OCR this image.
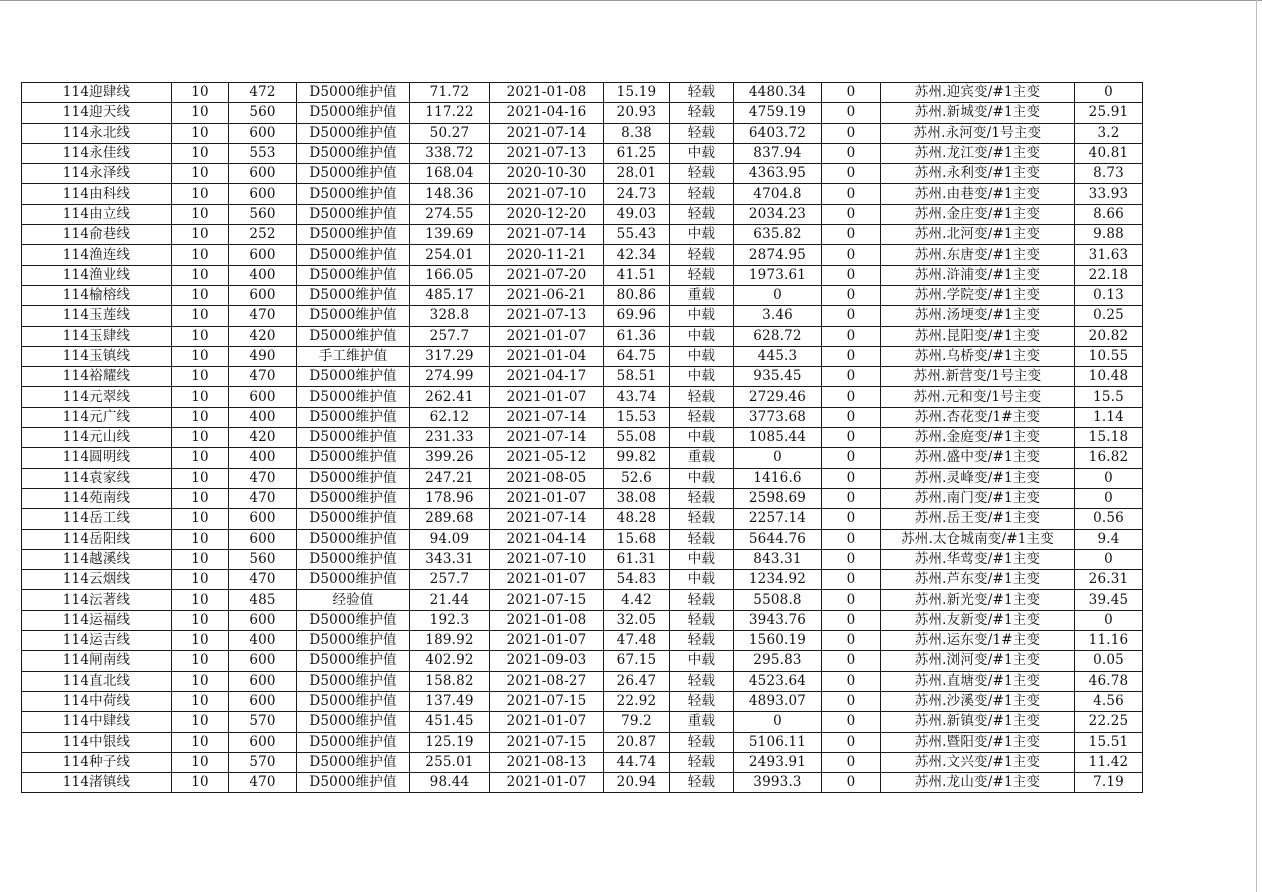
114迎肆线	10	472	D5000维护值	71.72	2021-01-08	15.19	轻载	4480.34	0	苏州.迎宾变/#1主变	0
114迎天线	10	560	D5000维护值	117.22	2021-04-16	20.93	轻载	4759.19	0	苏州.新城变/#1主变	25.91
114永北线	10	600	D5000维护值	50.27	2021-07-14	8.38	轻载	6403.72	0	苏州.永河变/1号主变	3.2
114永佳线	10	553	D5000维护值	338.72	2021-07-13	61.25	中载	837.94	0	苏州.龙江变/#1主变	40.81
114永泽线	10	600	D5000维护值	168.04	2020-10-30	28.01	轻载	4363.95	0	苏州.永利变/#1主变	8.73
114由科线	10	600	D5000维护值	148.36	2021-07-10	24.73	轻载	4704.8	0	苏州.由巷变/#1主变	33.93
114由立线	10	560	D5000维护值	274.55	2020-12-20	49.03	轻载	2034.23	0	苏州.金庄变/#1主变	8.66
114俞巷线	10	252	D5000维护值	139.69	2021-07-14	55.43	中载	635.82	0	苏州.北河变/#1主变	9.88
114渔连线	10	600	D5000维护值	254.01	2020-11-21	42.34	轻载	2874.95	0	苏州.东唐变/#1主变	31.63
114渔业线	10	400	D5000维护值	166.05	2021-07-20	41.51	轻载	1973.61	0	苏州.浒浦变/#1主变	22.18
114榆榕线	10	600	D5000维护值	485.17	2021-06-21	80.86	重载	0	0	苏州.学院变/#1主变	0.13
114玉莲线	10	470	D5000维护值	328.8	2021-07-13	69.96	中载	3.46	0	苏州.汤埂变/#1主变	0.25
114玉肆线	10	420	D5000维护值	257.7	2021-01-07	61.36	中载	628.72	0	苏州.昆阳变/#1主变	20.82
114玉镇线	10	490	手工维护值	317.29	2021-01-04	64.75	中载	445.3	0	苏州.乌桥变/#1主变	10.55
114裕耀线	10	470	D5000维护值	274.99	2021-04-17	58.51	中载	935.45	0	苏州.新营变/1号主变	10.48
114元翠线	10	600	D5000维护值	262.41	2021-01-07	43.74	轻载	2729.46	0	苏州.元和变/1号主变	15.5
114元广线	10	400	D5000维护值	62.12	2021-07-14	15.53	轻载	3773.68	0	苏州.杏花变/1#主变	1.14
114元山线	10	420	D5000维护值	231.33	2021-07-14	55.08	中载	1085.44	0	苏州.金庭变/#1主变	15.18
114圆明线	10	400	D5000维护值	399.26	2021-05-12	99.82	重载	0	0	苏州.盛中变/#1主变	16.82
114袁家线	10	470	D5000维护值	247.21	2021-08-05	52.6	中载	1416.6	0	苏州.灵峰变/#1主变	0
114苑南线	10	470	D5000维护值	178.96	2021-01-07	38.08	轻载	2598.69	0	苏州.南门变/#1主变	0
114岳工线	10	600	D5000维护值	289.68	2021-07-14	48.28	轻载	2257.14	0	苏州.岳王变/#1主变	0.56
114岳阳线	10	600	D5000维护值	94.09	2021-04-14	15.68	轻载	5644.76	0	苏州.太仓城南变/#1主变	9.4
114越溪线	10	560	D5000维护值	343.31	2021-07-10	61.31	中载	843.31	0	苏州.华莺变/#1主变	0
114云烟线	10	470	D5000维护值	257.7	2021-01-07	54.83	中载	1234.92	0	苏州.芦东变/#1主变	26.31
114沄著线	10	485	经验值	21.44	2021-07-15	4.42	轻载	5508.8	0	苏州.新光变/#1主变	39.45
114运福线	10	600	D5000维护值	192.3	2021-01-08	32.05	轻载	3943.76	0	苏州.友新变/#1主变	0
114运吉线	10	400	D5000维护值	189.92	2021-01-07	47.48	轻载	1560.19	0	苏州.运东变/1#主变	11.16
114闸南线	10	600	D5000维护值	402.92	2021-09-03	67.15	中载	295.83	0	苏州.浏河变/#1主变	0.05
114直北线	10	600	D5000维护值	158.82	2021-08-27	26.47	轻载	4523.64	0	苏州.直塘变/#1主变	46.78
114中荷线	10	600	D5000维护值	137.49	2021-07-15	22.92	轻载	4893.07	0	苏州.沙溪变/#1主变	4.56
114中肆线	10	570	D5000维护值	451.45	2021-01-07	79.2	重载	0	0	苏州.新镇变/#1主变	22.25
114中银线	10	600	D5000维护值	125.19	2021-07-15	20.87	轻载	5106.11	0	苏州.暨阳变/#1主变	15.51
114种子线	10	570	D5000维护值	255.01	2021-08-13	44.74	轻载	2493.91	0	苏州.文兴变/#1主变	11.42
114渚镇线	10	470	D5000维护值	98.44	2021-01-07	20.94	轻载	3993.3	0	苏州.龙山变/#1主变	7.19
